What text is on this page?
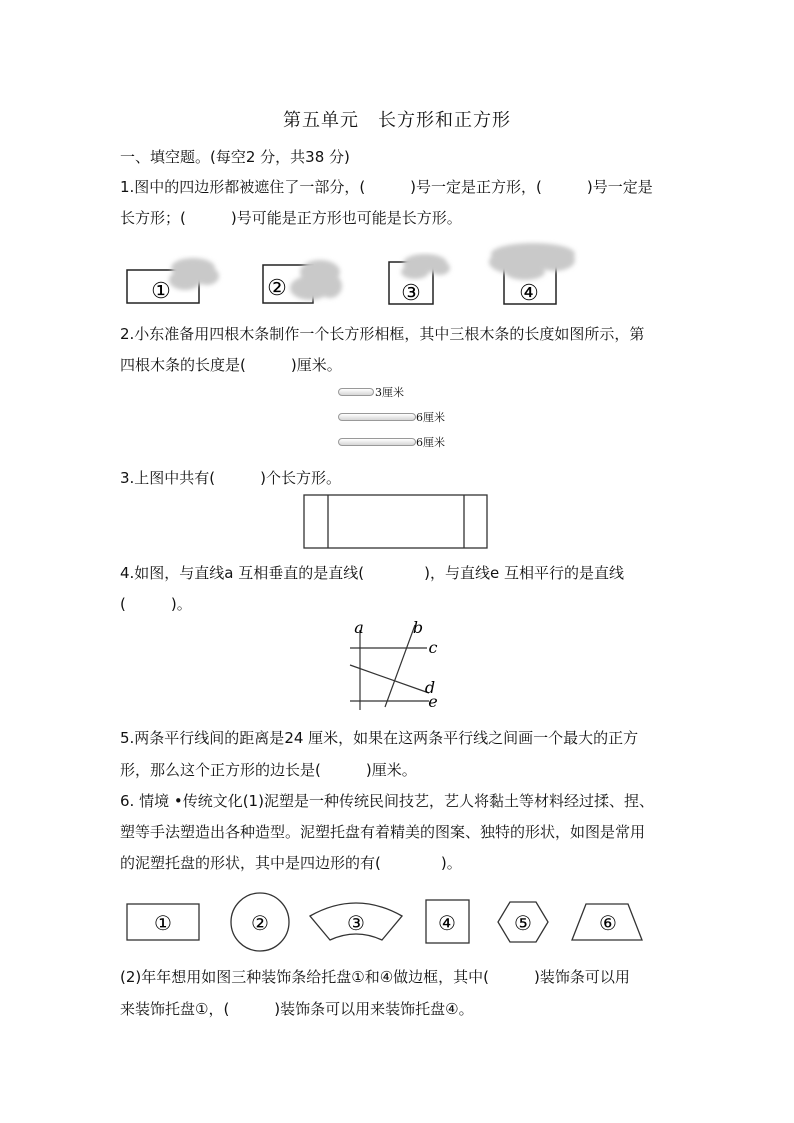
第五单元　长方形和正方形
一、填空题。(每空2 分，共38 分)
1.图中的四边形都被遮住了一部分，(　　　)号一定是正方形，(　　　)号一定是
长方形；(　　　)号可能是正方形也可能是长方形。
①	②	③	④
2.小东准备用四根木条制作一个长方形相框，其中三根木条的长度如图所示，第
四根木条的长度是(　　　)厘米。
3厘米
6厘米
6厘米
3.上图中共有(　　　)个长方形。
4.如图，与直线a 互相垂直的是直线(　　　　)，与直线e 互相平行的是直线
(　　　)。
a	b
c
d
e
5.两条平行线间的距离是24 厘米，如果在这两条平行线之间画一个最大的正方
形，那么这个正方形的边长是(　　　)厘米。
6. 情境 •传统文化(1)泥塑是一种传统民间技艺，艺人将黏土等材料经过揉、捏、
塑等手法塑造出各种造型。泥塑托盘有着精美的图案、独特的形状，如图是常用
的泥塑托盘的形状，其中是四边形的有(　　　　)。
①	②	③	④	⑤	⑥
(2)年年想用如图三种装饰条给托盘①和④做边框，其中(　　　)装饰条可以用
来装饰托盘①，(　　　)装饰条可以用来装饰托盘④。
